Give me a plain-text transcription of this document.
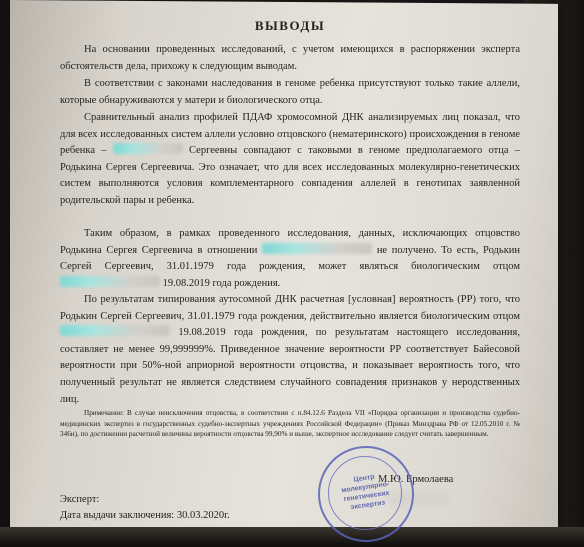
ВЫВОДЫ
На основании проведенных исследований, с учетом имеющихся в распоряжении эксперта обстоятельств дела, прихожу к следующим выводам.
В соответствии с законами наследования в геноме ребенка присутствуют только такие аллели, которые обнаруживаются у матери и биологического отца.
Сравнительный анализ профилей ПДАФ хромосомной ДНК анализируемых лиц показал, что для всех исследованных систем аллели условно отцовского (нематеринского) происхождения в геноме ребенка –	Сергеевны совпадают с таковыми в геноме предполагаемого отца – Родькина Сергея Сергеевича. Это означает, что для всех исследованных молекулярно-генетических систем выполняются условия комплементарного совпадения аллелей в генотипах заявленной родительской пары и ребенка.
Таким образом, в рамках проведенного исследования, данных, исключающих отцовство Родькина Сергея Сергеевича в отношении	не получено. То есть, Родькин Сергей Сергеевич, 31.01.1979 года рождения, может являться биологическим отцом  19.08.2019 года рождения.
По результатам типирования аутосомной ДНК расчетная [условная] вероятность (РР) того, что Родькин Сергей Сергеевич, 31.01.1979 года рождения, действительно является биологическим отцом  19.08.2019 года рождения, по результатам настоящего исследования, составляет не менее 99,999999%. Приведенное значение вероятности РР соответствует Байесовой вероятности при 50%-ной априорной вероятности отцовства, и показывает вероятность того, что полученный результат не является следствием случайного совпадения признаков у неродственных лиц.
Примечание: В случае неисключения отцовства, в соответствии с п.84.12.6 Раздела VII «Порядка организации и производства судебно-медицинских экспертиз в государственных судебно-экспертных учреждениях Российской Федерации» (Приказ Минздрава РФ от 12.05.2010 г. № 346н), по достижении расчетной величины вероятности отцовства 99,90% и выше, экспертное исследование следует считать завершенным.
М.Ю. Ермолаева
Эксперт:
Дата выдачи заключения: 30.03.2020г.
Центр молекулярно-генетических экспертиз
